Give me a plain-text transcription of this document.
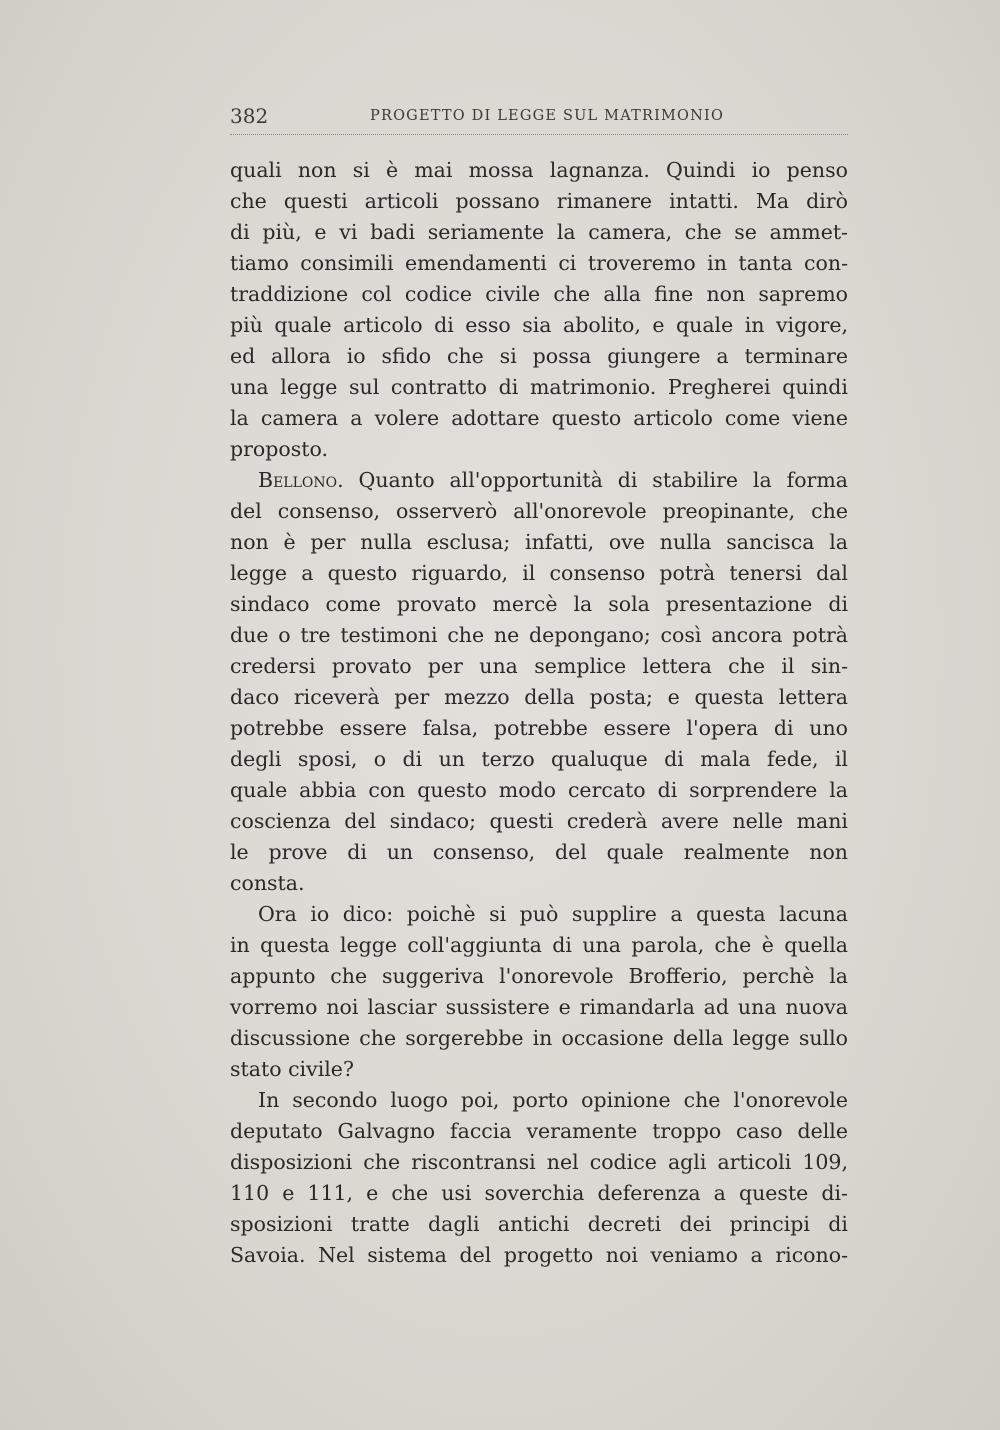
382	PROGETTO DI LEGGE SUL MATRIMONIO
quali non si è mai mossa lagnanza. Quindi io penso
che questi articoli possano rimanere intatti. Ma dirò
di più, e vi badi seriamente la camera, che se ammet-
tiamo consimili emendamenti ci troveremo in tanta con-
traddizione col codice civile che alla fine non sapremo
più quale articolo di esso sia abolito, e quale in vigore,
ed allora io sfido che si possa giungere a terminare
una legge sul contratto di matrimonio. Pregherei quindi
la camera a volere adottare questo articolo come viene
proposto.
Bellono. Quanto all'opportunità di stabilire la forma
del consenso, osserverò all'onorevole preopinante, che
non è per nulla esclusa; infatti, ove nulla sancisca la
legge a questo riguardo, il consenso potrà tenersi dal
sindaco come provato mercè la sola presentazione di
due o tre testimoni che ne depongano; così ancora potrà
credersi provato per una semplice lettera che il sin-
daco riceverà per mezzo della posta; e questa lettera
potrebbe essere falsa, potrebbe essere l'opera di uno
degli sposi, o di un terzo qualuque di mala fede, il
quale abbia con questo modo cercato di sorprendere la
coscienza del sindaco; questi crederà avere nelle mani
le prove di un consenso, del quale realmente non
consta.
Ora io dico: poichè si può supplire a questa lacuna
in questa legge coll'aggiunta di una parola, che è quella
appunto che suggeriva l'onorevole Brofferio, perchè la
vorremo noi lasciar sussistere e rimandarla ad una nuova
discussione che sorgerebbe in occasione della legge sullo
stato civile?
In secondo luogo poi, porto opinione che l'onorevole
deputato Galvagno faccia veramente troppo caso delle
disposizioni che riscontransi nel codice agli articoli 109,
110 e 111, e che usi soverchia deferenza a queste di-
sposizioni tratte dagli antichi decreti dei principi di
Savoia. Nel sistema del progetto noi veniamo a ricono-
